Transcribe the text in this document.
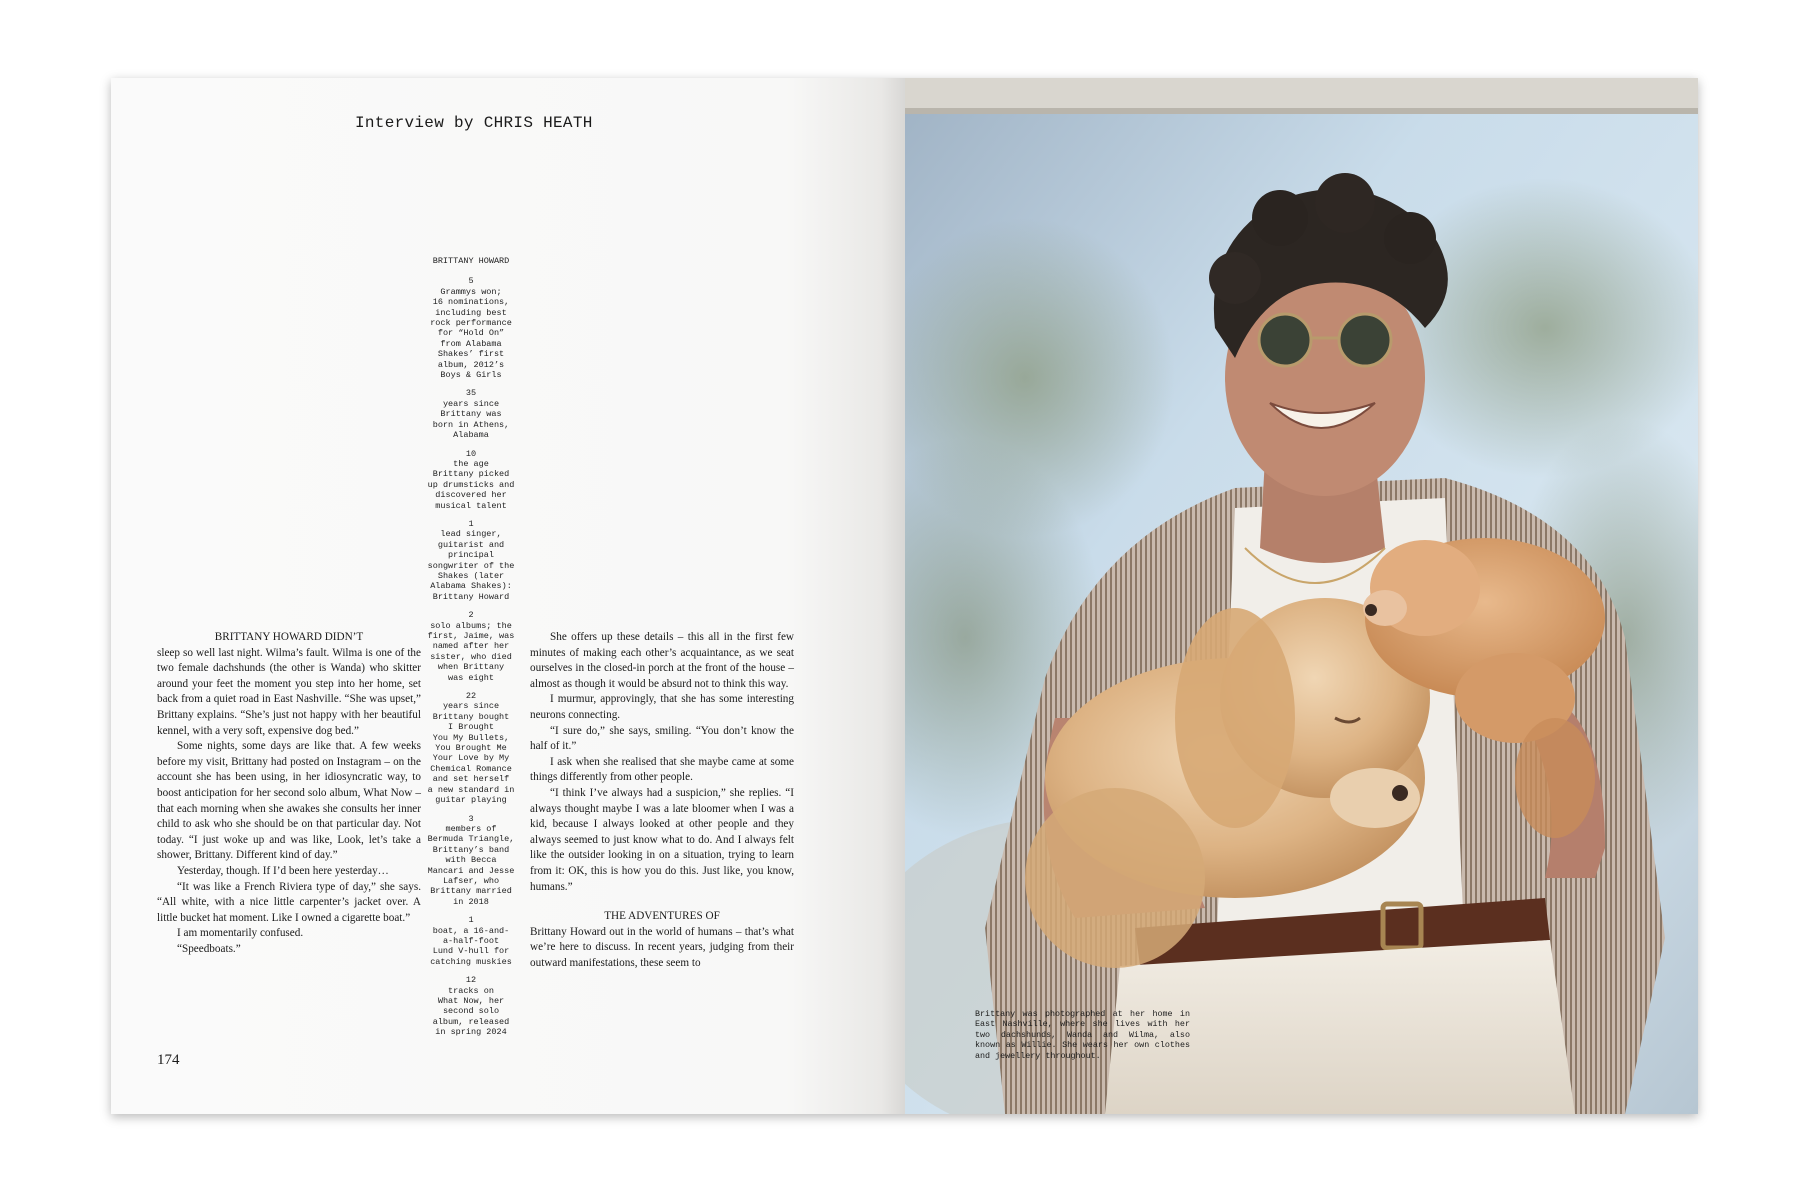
Interview by CHRIS HEATH
BRITTANY HOWARD
5
Grammys won;
16 nominations,
including best
rock performance
for “Hold On”
from Alabama
Shakes’ first
album, 2012’s
Boys & Girls
35
years since
Brittany was
born in Athens,
Alabama
10
the age
Brittany picked
up drumsticks and
discovered her
musical talent
1
lead singer,
guitarist and
principal
songwriter of the
Shakes (later
Alabama Shakes):
Brittany Howard
2
solo albums; the
first, Jaime, was
named after her
sister, who died
when Brittany
was eight
22
years since
Brittany bought
I Brought
You My Bullets,
You Brought Me
Your Love by My
Chemical Romance
and set herself
a new standard in
guitar playing
3
members of
Bermuda Triangle,
Brittany’s band
with Becca
Mancari and Jesse
Lafser, who
Brittany married
in 2018
1
boat, a 16-and-
a-half-foot
Lund V-hull for
catching muskies
12
tracks on
What Now, her
second solo
album, released
in spring 2024
BRITTANY HOWARD DIDN’T

sleep so well last night. Wilma’s fault. Wilma is one of the two female dachshunds (the other is Wanda) who skitter around your feet the moment you step into her home, set back from a quiet road in East Nashville. “She was upset,” Brittany explains. “She’s just not happy with her beautiful kennel, with a very soft, expensive dog bed.”

Some nights, some days are like that. A few weeks before my visit, Brittany had posted on Instagram – on the account she has been using, in her idiosyncratic way, to boost anticipation for her second solo album, What Now – that each morning when she awakes she consults her inner child to ask who she should be on that particular day. Not today. “I just woke up and was like, Look, let’s take a shower, Brittany. Different kind of day.”

Yesterday, though. If I’d been here yesterday…

“It was like a French Riviera type of day,” she says. “All white, with a nice little carpenter’s jacket over. A little bucket hat moment. Like I owned a cigarette boat.”

I am momentarily confused.

“Speedboats.”

She offers up these details – this all in the first few minutes of making each other’s acquaintance, as we seat ourselves in the closed-in porch at the front of the house – almost as though it would be absurd not to think this way.

I murmur, approvingly, that she has some interesting neurons connecting.

“I sure do,” she says, smiling. “You don’t know the half of it.”

I ask when she realised that she maybe came at some things differently from other people.

“I think I’ve always had a suspicion,” she replies. “I always thought maybe I was a late bloomer when I was a kid, because I always looked at other people and they always seemed to just know what to do. And I always felt like the outsider looking in on a situation, trying to learn from it: OK, this is how you do this. Just like, you know, humans.”

THE ADVENTURES OF

Brittany Howard out in the world of humans – that’s what we’re here to discuss. In recent years, judging from their outward manifestations, these seem to

174
Brittany was photographed at her home in East Nashville, where she lives with her two dachshunds, Wanda and Wilma, also known as Willie. She wears her own clothes and jewellery throughout.
